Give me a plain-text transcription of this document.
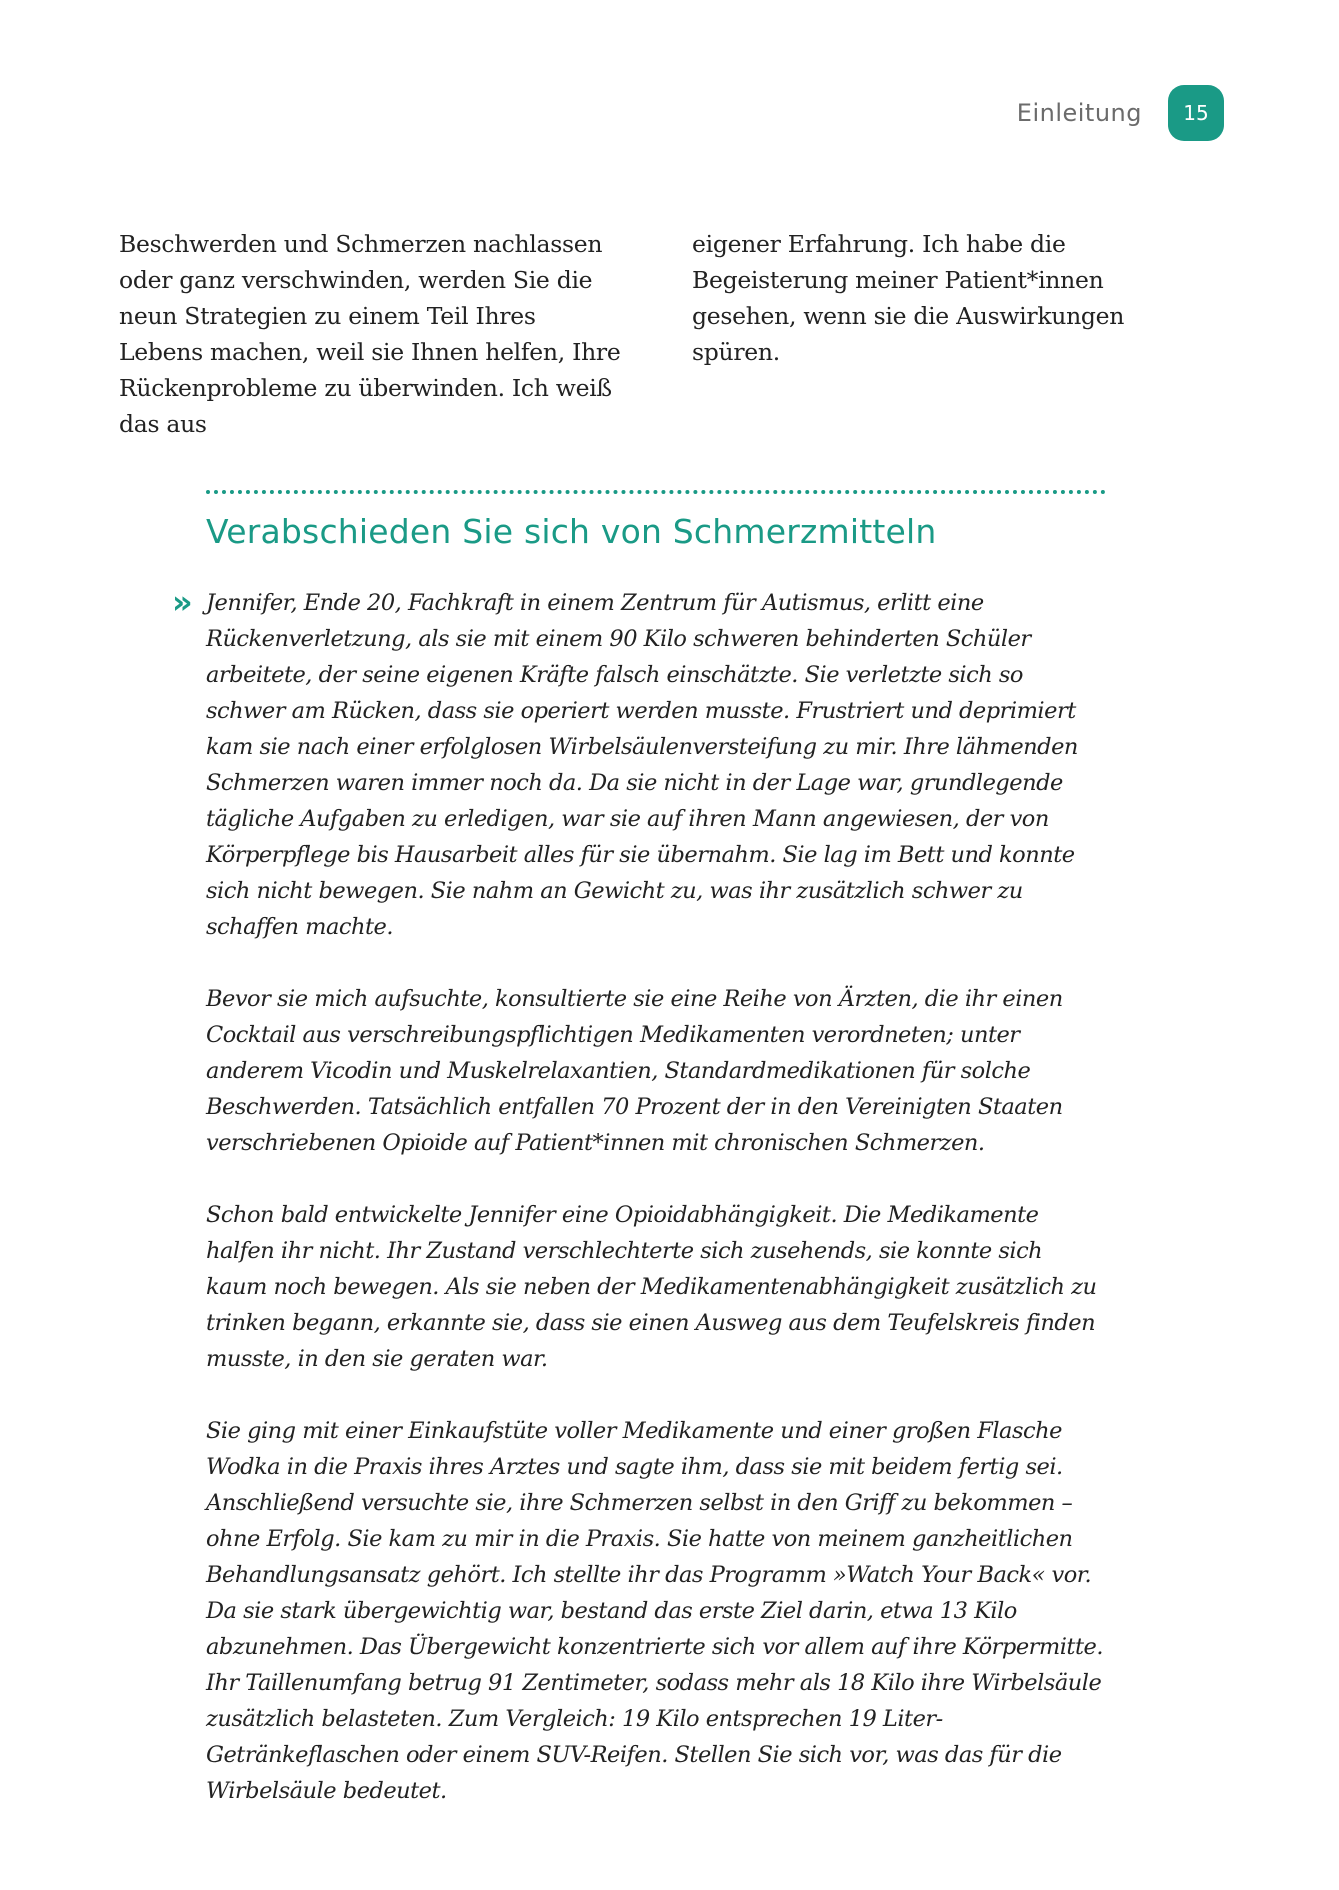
Einleitung 15

Beschwerden und Schmerzen nachlassen oder ganz verschwinden, werden Sie die neun Strategien zu einem Teil Ihres Lebens machen, weil sie Ihnen helfen, Ihre Rückenprobleme zu überwinden. Ich weiß das aus

eigener Erfahrung. Ich habe die Begeisterung meiner Patient*innen gesehen, wenn sie die Auswirkungen spüren.

Verabschieden Sie sich von Schmerzmitteln
» Jennifer, Ende 20, Fachkraft in einem Zentrum für Autismus, erlitt eine Rückenverletzung, als sie mit einem 90 Kilo schweren behinderten Schüler arbeitete, der seine eigenen Kräfte falsch einschätzte. Sie verletzte sich so schwer am Rücken, dass sie operiert werden musste. Frustriert und deprimiert kam sie nach einer erfolglosen Wirbelsäulenversteifung zu mir. Ihre lähmenden Schmerzen waren immer noch da. Da sie nicht in der Lage war, grundlegende tägliche Aufgaben zu erledigen, war sie auf ihren Mann angewiesen, der von Körperpflege bis Hausarbeit alles für sie übernahm. Sie lag im Bett und konnte sich nicht bewegen. Sie nahm an Gewicht zu, was ihr zusätzlich schwer zu schaffen machte.

Bevor sie mich aufsuchte, konsultierte sie eine Reihe von Ärzten, die ihr einen Cocktail aus verschreibungspflichtigen Medikamenten verordneten; unter anderem Vicodin und Muskelrelaxantien, Standardmedikationen für solche Beschwerden. Tatsächlich entfallen 70 Prozent der in den Vereinigten Staaten verschriebenen Opioide auf Patient*innen mit chronischen Schmerzen.

Schon bald entwickelte Jennifer eine Opioidabhängigkeit. Die Medikamente halfen ihr nicht. Ihr Zustand verschlechterte sich zusehends, sie konnte sich kaum noch bewegen. Als sie neben der Medikamentenabhängigkeit zusätzlich zu trinken begann, erkannte sie, dass sie einen Ausweg aus dem Teufelskreis finden musste, in den sie geraten war.

Sie ging mit einer Einkaufstüte voller Medikamente und einer großen Flasche Wodka in die Praxis ihres Arztes und sagte ihm, dass sie mit beidem fertig sei. Anschließend versuchte sie, ihre Schmerzen selbst in den Griff zu bekommen – ohne Erfolg. Sie kam zu mir in die Praxis. Sie hatte von meinem ganzheitlichen Behandlungsansatz gehört. Ich stellte ihr das Programm »Watch Your Back« vor. Da sie stark übergewichtig war, bestand das erste Ziel darin, etwa 13 Kilo abzunehmen. Das Übergewicht konzentrierte sich vor allem auf ihre Körpermitte. Ihr Taillenumfang betrug 91 Zentimeter, sodass mehr als 18 Kilo ihre Wirbelsäule zusätzlich belasteten. Zum Vergleich: 19 Kilo entsprechen 19 Liter-Getränkeflaschen oder einem SUV-Reifen. Stellen Sie sich vor, was das für die Wirbelsäule bedeutet.
